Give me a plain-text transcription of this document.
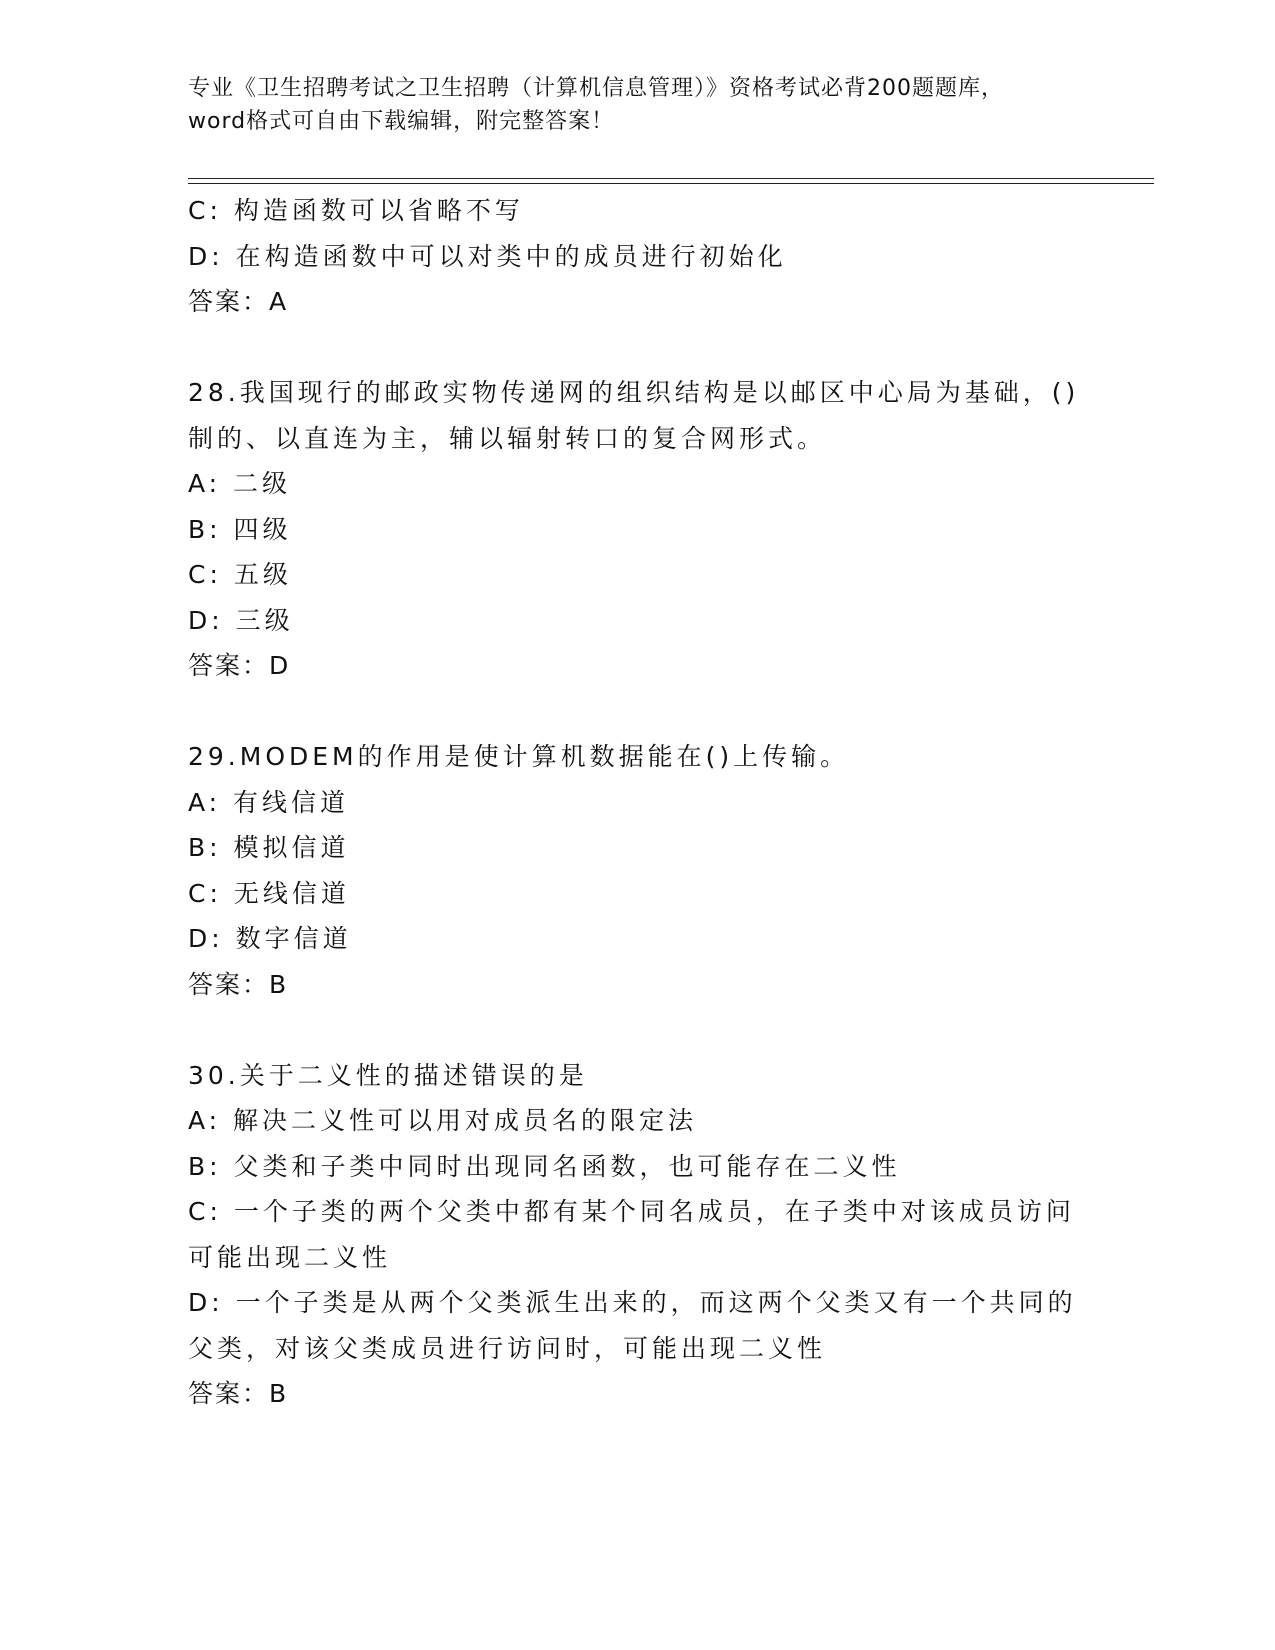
专业《卫生招聘考试之卫生招聘（计算机信息管理）》资格考试必背200题题库，
word格式可自由下载编辑，附完整答案！
C: 构造函数可以省略不写
D: 在构造函数中可以对类中的成员进行初始化
答案：A
28.我国现行的邮政实物传递网的组织结构是以邮区中心局为基础，()
制的、以直连为主，辅以辐射转口的复合网形式。
A: 二级
B: 四级
C: 五级
D: 三级
答案：D
29.MODEM的作用是使计算机数据能在()上传输。
A: 有线信道
B: 模拟信道
C: 无线信道
D: 数字信道
答案：B
30.关于二义性的描述错误的是
A: 解决二义性可以用对成员名的限定法
B: 父类和子类中同时出现同名函数，也可能存在二义性
C: 一个子类的两个父类中都有某个同名成员，在子类中对该成员访问
可能出现二义性
D: 一个子类是从两个父类派生出来的，而这两个父类又有一个共同的
父类，对该父类成员进行访问时，可能出现二义性
答案：B
